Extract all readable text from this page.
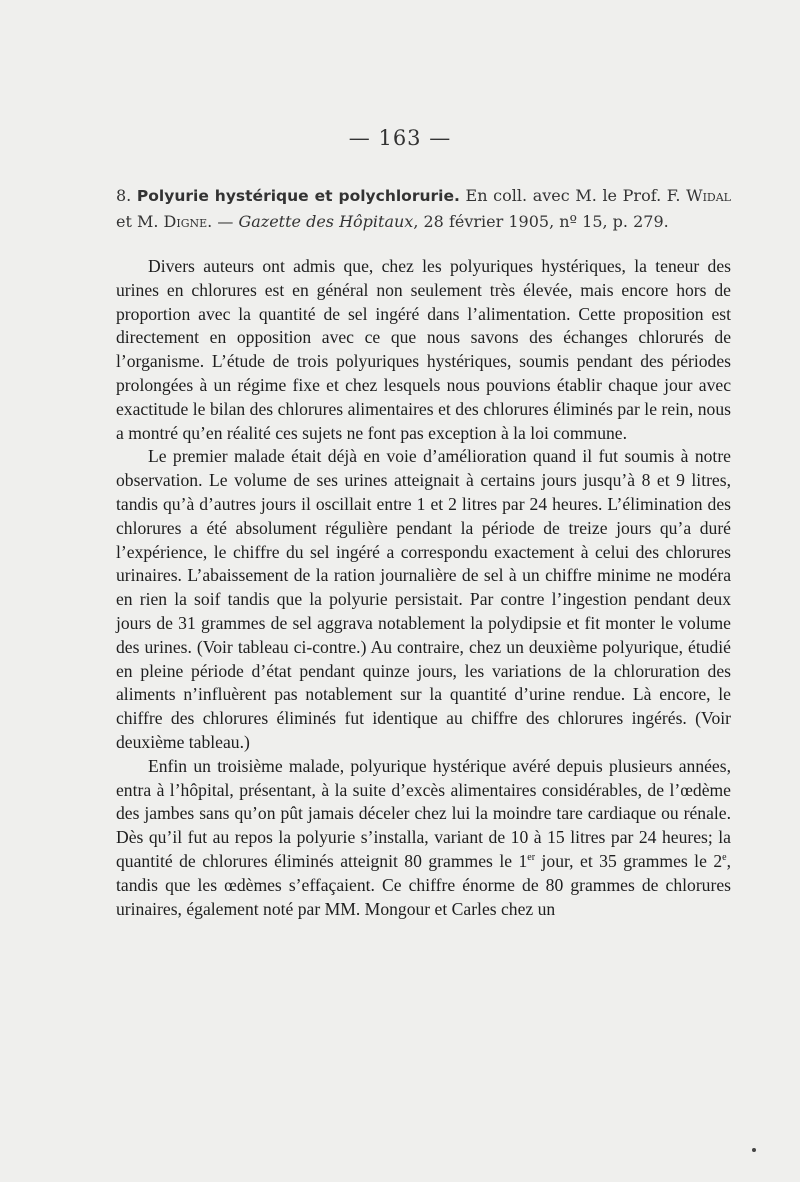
— 163 —
8. Polyurie hystérique et polychlorurie. En coll. avec M. le Prof. F. Widal et M. Digne. — Gazette des Hôpitaux, 28 février 1905, nº 15, p. 279.

Divers auteurs ont admis que, chez les polyuriques hystériques, la teneur des urines en chlorures est en général non seulement très élevée, mais encore hors de proportion avec la quantité de sel ingéré dans l’alimentation. Cette proposition est directement en opposition avec ce que nous savons des échanges chlorurés de l’organisme. L’étude de trois polyuriques hystériques, soumis pendant des périodes prolongées à un régime fixe et chez lesquels nous pouvions établir chaque jour avec exactitude le bilan des chlorures alimentaires et des chlorures éliminés par le rein, nous a montré qu’en réalité ces sujets ne font pas exception à la loi commune.

Le premier malade était déjà en voie d’amélioration quand il fut soumis à notre observation. Le volume de ses urines atteignait à certains jours jusqu’à 8 et 9 litres, tandis qu’à d’autres jours il oscillait entre 1 et 2 litres par 24 heures. L’élimination des chlorures a été absolument régulière pendant la période de treize jours qu’a duré l’expérience, le chiffre du sel ingéré a correspondu exactement à celui des chlorures urinaires. L’abaissement de la ration journalière de sel à un chiffre minime ne modéra en rien la soif tandis que la polyurie persistait. Par contre l’ingestion pendant deux jours de 31 grammes de sel aggrava notablement la polydipsie et fit monter le volume des urines. (Voir tableau ci-contre.) Au contraire, chez un deuxième polyurique, étudié en pleine période d’état pendant quinze jours, les variations de la chloruration des aliments n’influèrent pas notablement sur la quantité d’urine rendue. Là encore, le chiffre des chlorures éliminés fut identique au chiffre des chlorures ingérés. (Voir deuxième tableau.)

Enfin un troisième malade, polyurique hystérique avéré depuis plusieurs années, entra à l’hôpital, présentant, à la suite d’excès alimentaires considérables, de l’œdème des jambes sans qu’on pût jamais déceler chez lui la moindre tare cardiaque ou rénale. Dès qu’il fut au repos la polyurie s’installa, variant de 10 à 15 litres par 24 heures; la quantité de chlorures éliminés atteignit 80 grammes le 1er jour, et 35 grammes le 2e, tandis que les œdèmes s’effaçaient. Ce chiffre énorme de 80 grammes de chlorures urinaires, également noté par MM. Mongour et Carles chez un
